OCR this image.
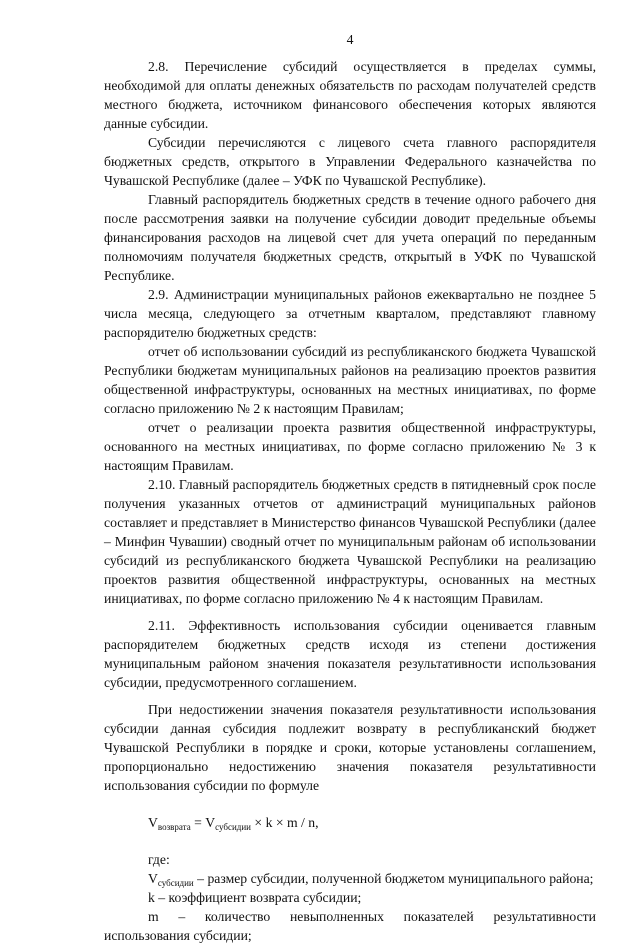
4

2.8. Перечисление субсидий осуществляется в пределах суммы, необходимой для оплаты денежных обязательств по расходам получателей средств местного бюджета, источником финансового обеспечения которых являются данные субсидии.

Субсидии перечисляются с лицевого счета главного распорядителя бюджетных средств, открытого в Управлении Федерального казначейства по Чувашской Республике (далее – УФК по Чувашской Республике).

Главный распорядитель бюджетных средств в течение одного рабочего дня после рассмотрения заявки на получение субсидии доводит предельные объемы финансирования расходов на лицевой счет для учета операций по переданным полномочиям получателя бюджетных средств, открытый в УФК по Чувашской Республике.

2.9. Администрации муниципальных районов ежеквартально не позднее 5 числа месяца, следующего за отчетным кварталом, представляют главному распорядителю бюджетных средств:

отчет об использовании субсидий из республиканского бюджета Чувашской Республики бюджетам муниципальных районов на реализацию проектов развития общественной инфраструктуры, основанных на местных инициативах, по форме согласно приложению № 2 к настоящим Правилам;

отчет о реализации проекта развития общественной инфраструктуры, основанного на местных инициативах, по форме согласно приложению № 3 к настоящим Правилам.

2.10. Главный распорядитель бюджетных средств в пятидневный срок после получения указанных отчетов от администраций муниципальных районов составляет и представляет в Министерство финансов Чувашской Республики (далее – Минфин Чувашии) сводный отчет по муниципальным районам об использовании субсидий из республиканского бюджета Чувашской Республики на реализацию проектов развития общественной инфраструктуры, основанных на местных инициативах, по форме согласно приложению № 4 к настоящим Правилам.

2.11. Эффективность использования субсидии оценивается главным распорядителем бюджетных средств исходя из степени достижения муниципальным районом значения показателя результативности использования субсидии, предусмотренного соглашением.

При недостижении значения показателя результативности использования субсидии данная субсидия подлежит возврату в республиканский бюджет Чувашской Республики в порядке и сроки, которые установлены соглашением, пропорционально недостижению значения показателя результативности использования субсидии по формуле

$V_{возврата} = V_{субсидии} \times k \times m / n$,

где:

$V_{субсидии}$ – размер субсидии, полученной бюджетом муниципального района;

k – коэффициент возврата субсидии;

m – количество невыполненных показателей результативности использования субсидии;
